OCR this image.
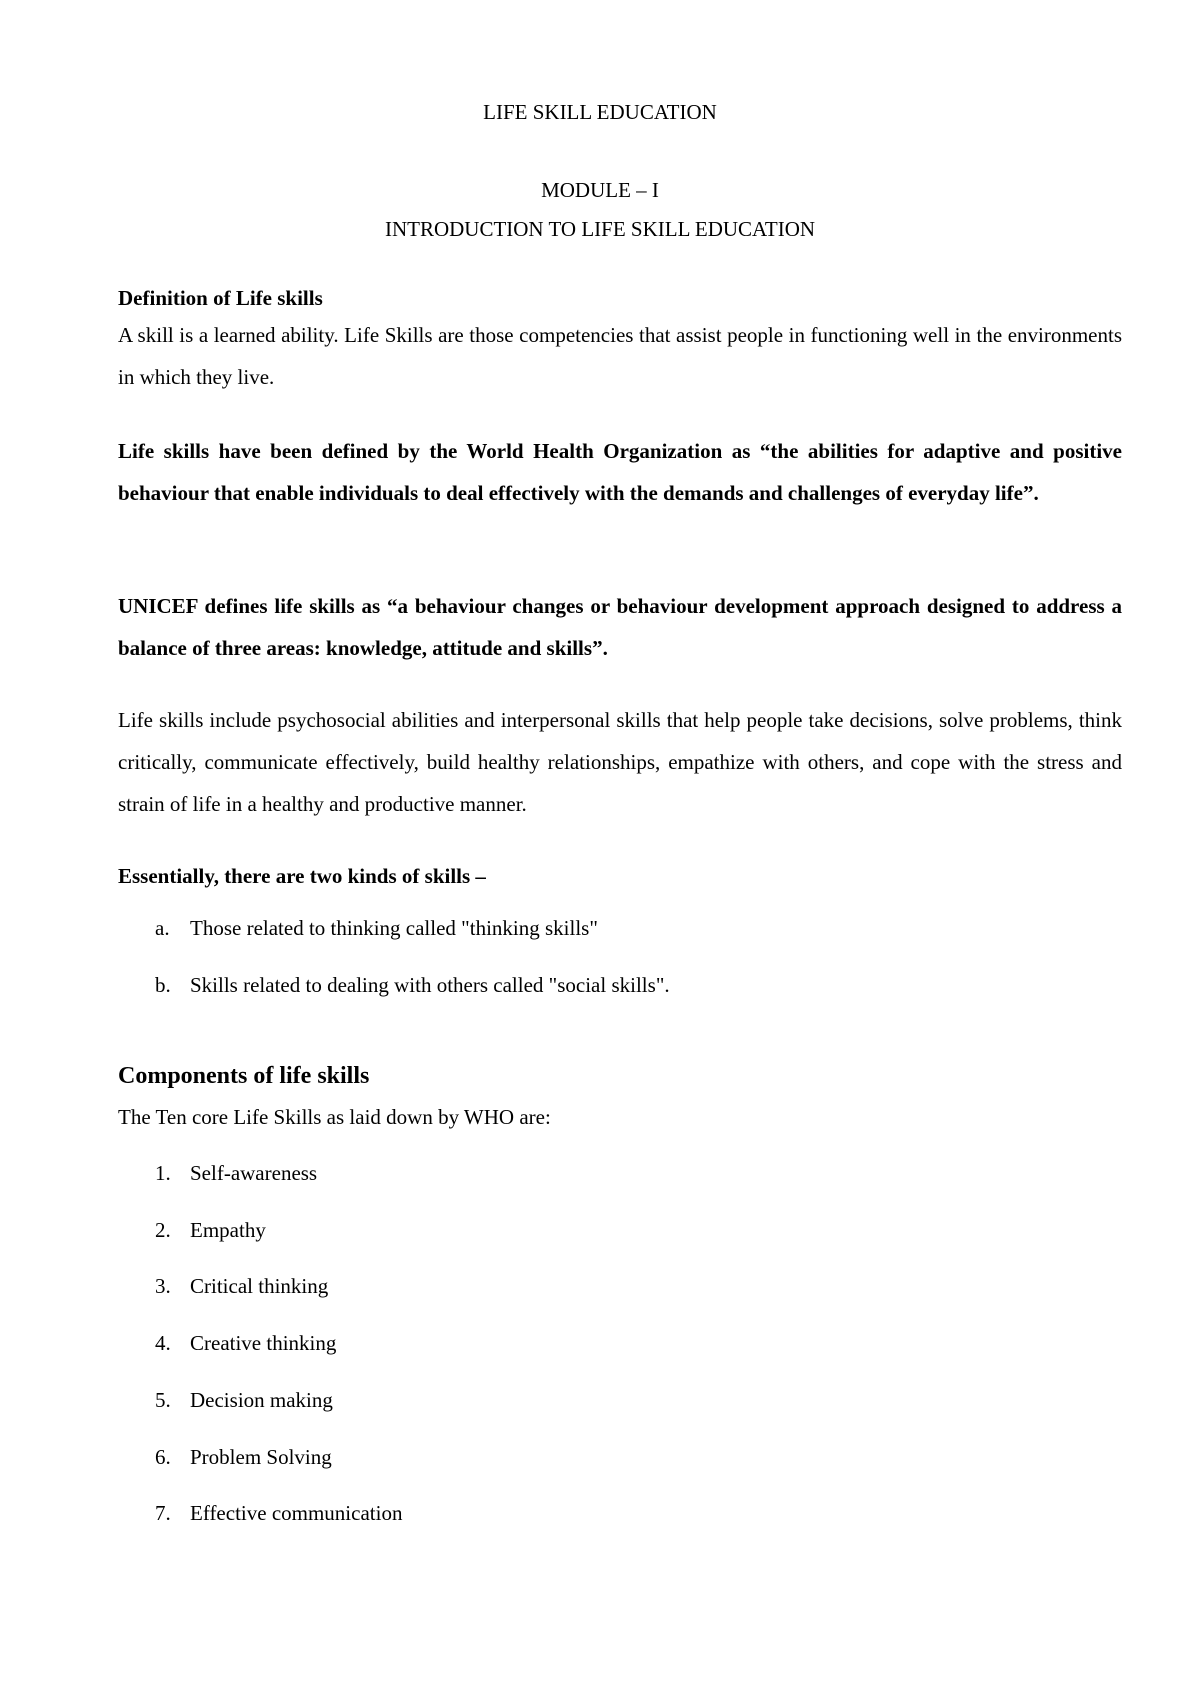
LIFE SKILL EDUCATION

MODULE – I

INTRODUCTION TO LIFE SKILL EDUCATION

Definition of Life skills

A skill is a learned ability. Life Skills are those competencies that assist people in functioning well in the environments in which they live.

Life skills have been defined by the World Health Organization as “the abilities for adaptive and positive behaviour that enable individuals to deal effectively with the demands and challenges of everyday life”.

UNICEF defines life skills as “a behaviour changes or behaviour development approach designed to address a balance of three areas: knowledge, attitude and skills”.

Life skills include psychosocial abilities and interpersonal skills that help people take decisions, solve problems, think critically, communicate effectively, build healthy relationships, empathize with others, and cope with the stress and strain of life in a healthy and productive manner.

Essentially, there are two kinds of skills –

a. Those related to thinking called "thinking skills"

b. Skills related to dealing with others called "social skills".

Components of life skills

The Ten core Life Skills as laid down by WHO are:

1. Self-awareness

2. Empathy

3. Critical thinking

4. Creative thinking

5. Decision making

6. Problem Solving

7. Effective communication
